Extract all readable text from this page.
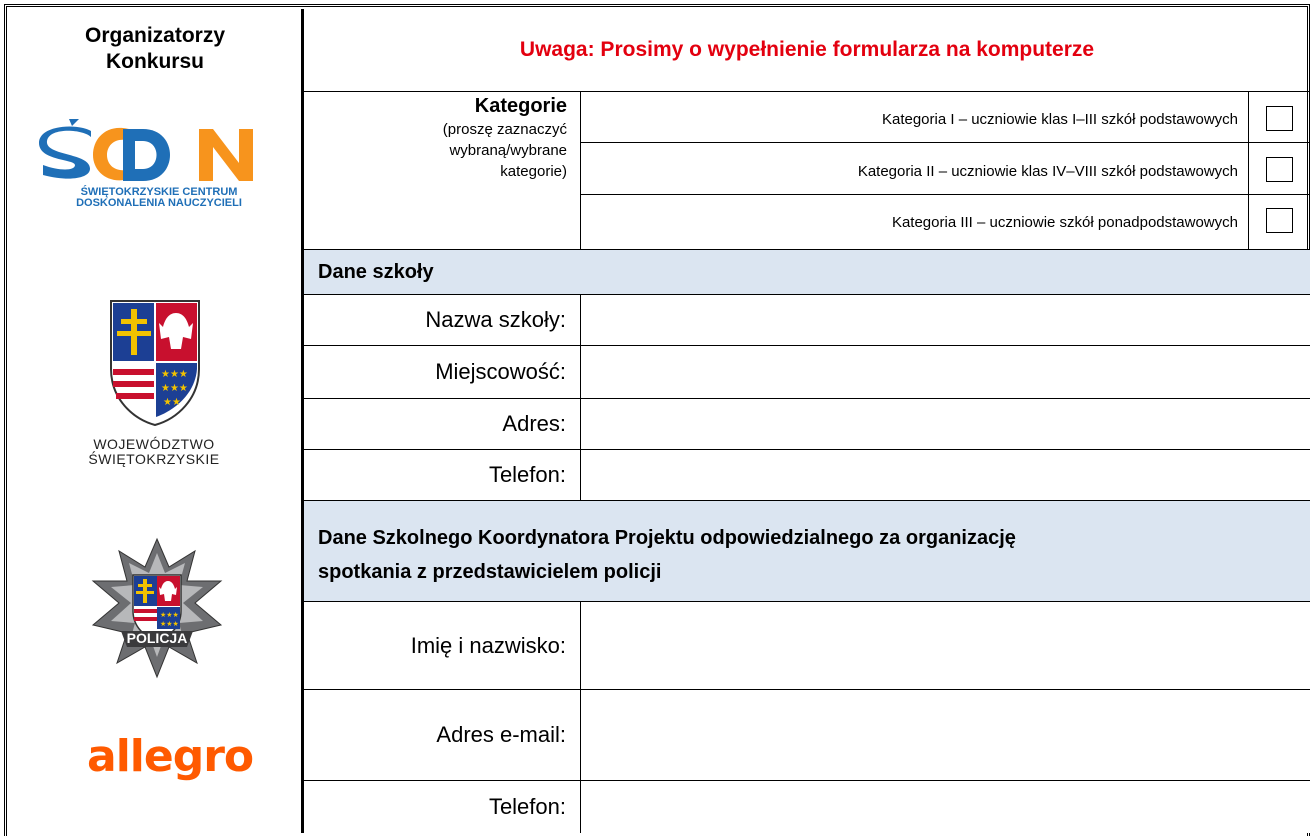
Organizatorzy
Konkursu
ŚWIĘTOKRZYSKIE CENTRUM
DOSKONALENIA NAUCZYCIELI
★★★
★★★
★★
WOJEWÓDZTWO
ŚWIĘTOKRZYSKIE
★★★
★★★
POLICJA
allegro
Uwaga: Prosimy o wypełnienie formularza na komputerze
Kategorie
(proszę zaznaczyć
wybraną/wybrane
kategorie)
Kategoria I – uczniowie klas I–III szkół podstawowych
Kategoria II – uczniowie klas IV–VIII szkół podstawowych
Kategoria III – uczniowie szkół ponadpodstawowych
Dane szkoły
Nazwa szkoły:
Miejscowość:
Adres:
Telefon:
Dane Szkolnego Koordynatora Projektu odpowiedzialnego za organizację
spotkania z przedstawicielem policji
Imię i nazwisko:
Adres e-mail:
Telefon:
